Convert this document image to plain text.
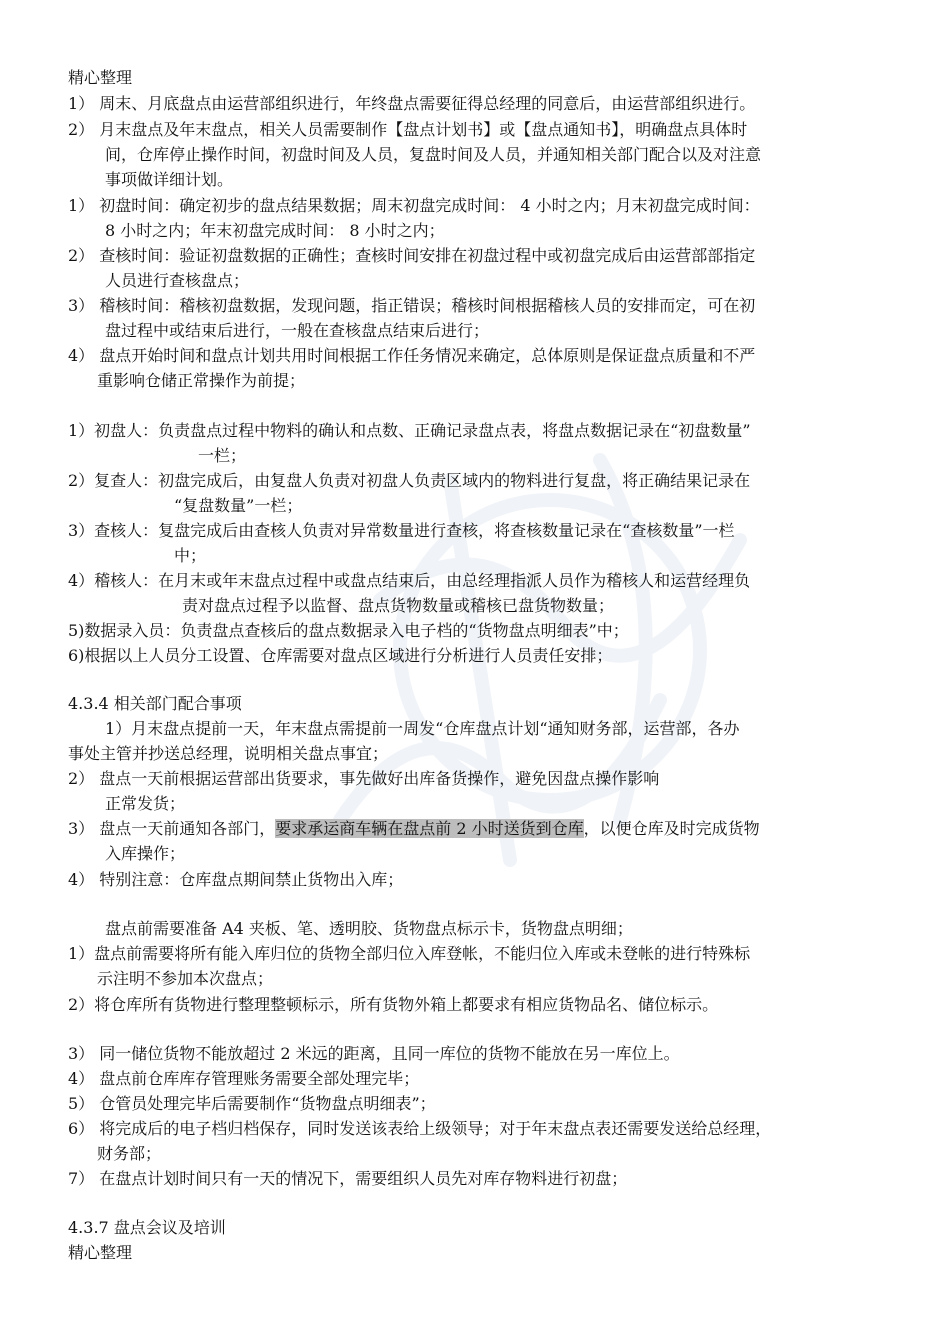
精心整理
1） 周末、月底盘点由运营部组织进行，年终盘点需要征得总经理的同意后，由运营部组织进行。
2） 月末盘点及年末盘点，相关人员需要制作【盘点计划书】或【盘点通知书】，明确盘点具体时
间，仓库停止操作时间，初盘时间及人员，复盘时间及人员，并通知相关部门配合以及对注意
事项做详细计划。
1） 初盘时间：确定初步的盘点结果数据；周末初盘完成时间： 4 小时之内；月末初盘完成时间：
8 小时之内；年末初盘完成时间： 8 小时之内；
2） 查核时间：验证初盘数据的正确性；查核时间安排在初盘过程中或初盘完成后由运营部部指定
人员进行查核盘点；
3） 稽核时间：稽核初盘数据，发现问题，指正错误；稽核时间根据稽核人员的安排而定，可在初
盘过程中或结束后进行，一般在查核盘点结束后进行；
4） 盘点开始时间和盘点计划共用时间根据工作任务情况来确定，总体原则是保证盘点质量和不严
重影响仓储正常操作为前提；
1）初盘人：负责盘点过程中物料的确认和点数、正确记录盘点表，将盘点数据记录在“初盘数量”
一栏；
2）复查人：初盘完成后，由复盘人负责对初盘人负责区域内的物料进行复盘，将正确结果记录在
“复盘数量”一栏；
3）查核人：复盘完成后由查核人负责对异常数量进行查核，将查核数量记录在“查核数量”一栏
中；
4）稽核人：在月末或年末盘点过程中或盘点结束后，由总经理指派人员作为稽核人和运营经理负
责对盘点过程予以监督、盘点货物数量或稽核已盘货物数量；
5)数据录入员：负责盘点查核后的盘点数据录入电子档的“货物盘点明细表”中；
6)根据以上人员分工设置、仓库需要对盘点区域进行分析进行人员责任安排；
4.3.4 相关部门配合事项
1）月末盘点提前一天，年末盘点需提前一周发“仓库盘点计划“通知财务部，运营部，各办
事处主管并抄送总经理，说明相关盘点事宜；
2） 盘点一天前根据运营部出货要求，事先做好出库备货操作，避免因盘点操作影响
正常发货；
4） 特别注意：仓库盘点期间禁止货物出入库；
盘点前需要准备 A4 夹板、笔、透明胶、货物盘点标示卡，货物盘点明细；
1）盘点前需要将所有能入库归位的货物全部归位入库登帐，不能归位入库或未登帐的进行特殊标
示注明不参加本次盘点；
2）将仓库所有货物进行整理整顿标示，所有货物外箱上都要求有相应货物品名、储位标示。
3） 同一储位货物不能放超过 2 米远的距离，且同一库位的货物不能放在另一库位上。
4） 盘点前仓库库存管理账务需要全部处理完毕；
5） 仓管员处理完毕后需要制作“货物盘点明细表”；
6） 将完成后的电子档归档保存，同时发送该表给上级领导；对于年末盘点表还需要发送给总经理，
财务部；
7） 在盘点计划时间只有一天的情况下，需要组织人员先对库存物料进行初盘；
4.3.7 盘点会议及培训
精心整理
3） 盘点一天前通知各部门，要求承运商车辆在盘点前 2 小时送货到仓库，以便仓库及时完成货物
入库操作；
